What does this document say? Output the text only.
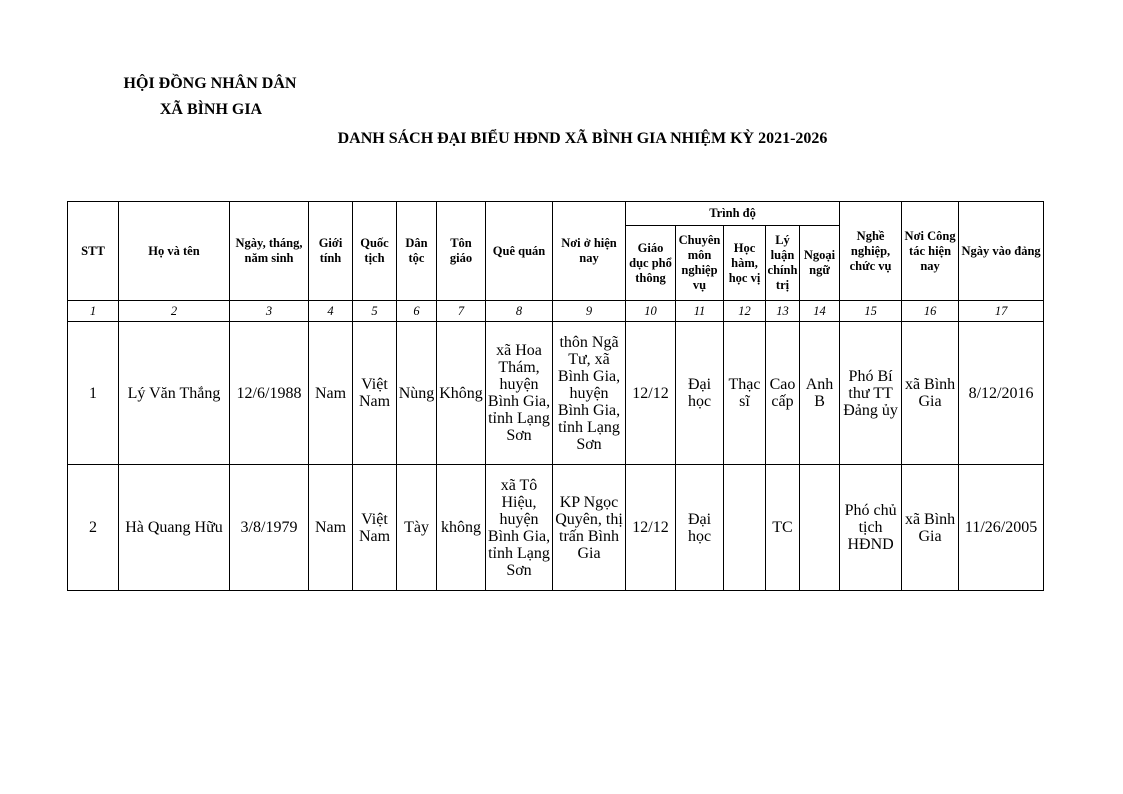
HỘI ĐỒNG NHÂN DÂN
XÃ BÌNH GIA
DANH SÁCH ĐẠI BIỂU HĐND XÃ BÌNH GIA NHIỆM KỲ 2021-2026
STT	Họ và tên	Ngày, tháng, năm sinh	Giới tính	Quốc tịch	Dân tộc	Tôn giáo	Quê quán	Nơi ở hiện nay	Trình độ					Nghề nghiệp, chức vụ	Nơi Công tác hiện nay	Ngày vào đảng
									Giáo dục phổ thông	Chuyên môn nghiệp vụ	Học hàm, học vị	Lý luận chính trị	Ngoại ngữ			
1	2	3	4	5	6	7	8	9	10	11	12	13	14	15	16	17
1	Lý Văn Thắng	12/6/1988	Nam	Việt Nam	Nùng	Không	xã Hoa Thám, huyện Bình Gia, tỉnh Lạng Sơn	thôn Ngã Tư, xã Bình Gia, huyện Bình Gia, tỉnh Lạng Sơn	12/12	Đại học	Thạc sĩ	Cao cấp	Anh B	Phó Bí thư TT Đảng ủy	xã Bình Gia	8/12/2016
2	Hà Quang Hữu	3/8/1979	Nam	Việt Nam	Tày	không	xã Tô Hiệu, huyện Bình Gia, tỉnh Lạng Sơn	KP Ngọc Quyên, thị trấn Bình Gia	12/12	Đại học		TC		Phó chủ tịch HĐND	xã Bình Gia	11/26/2005
